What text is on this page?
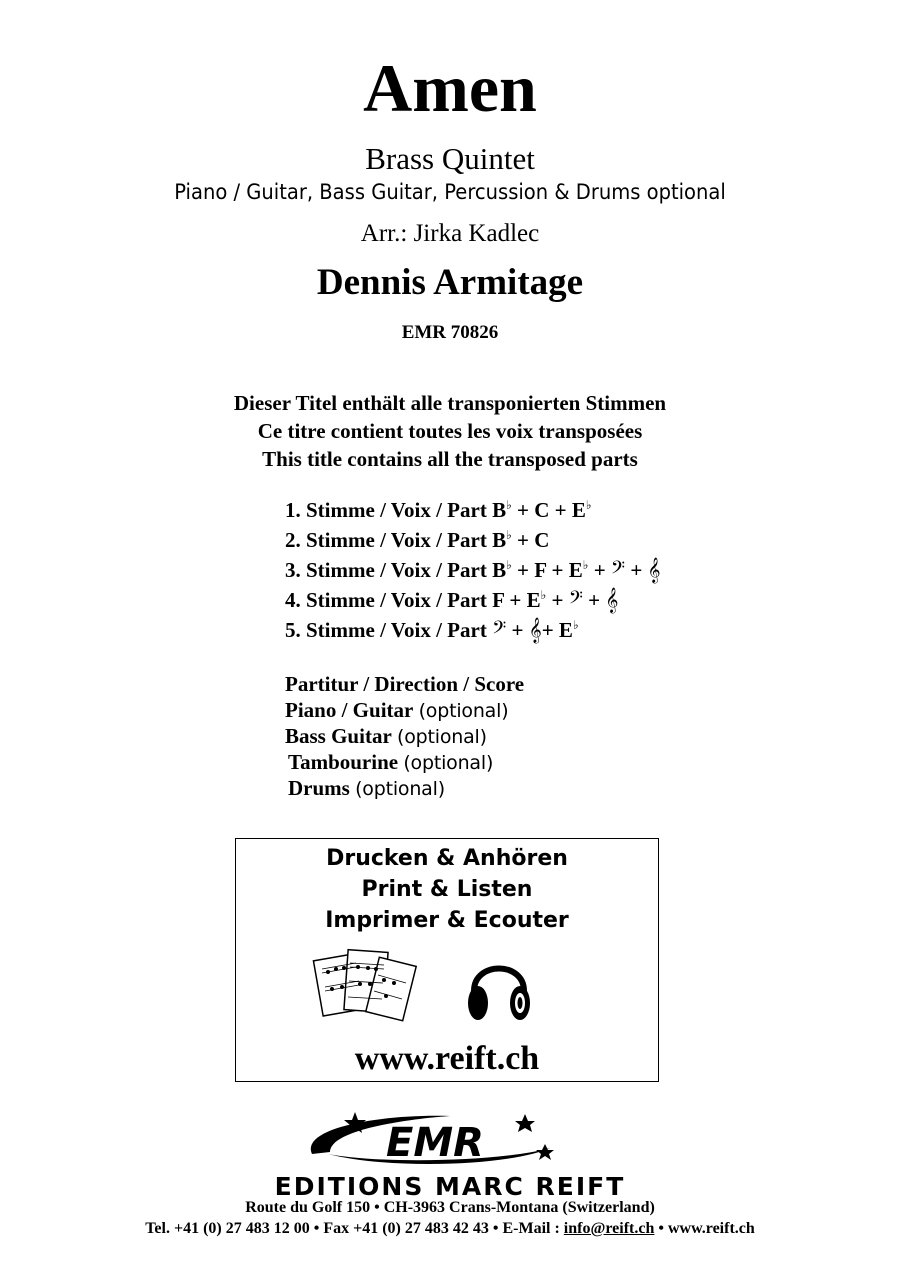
Amen
Brass Quintet
Piano / Guitar, Bass Guitar, Percussion & Drums optional
Arr.: Jirka Kadlec
Dennis Armitage
EMR 70826
Dieser Titel enthält alle transponierten Stimmen
Ce titre contient toutes les voix transposées
This title contains all the transposed parts
1. Stimme / Voix / Part B♭ + C + E♭
2. Stimme / Voix / Part B♭ + C
3. Stimme / Voix / Part B♭ + F + E♭ + 𝄢 + 𝄞
4. Stimme / Voix / Part F + E♭ + 𝄢 + 𝄞
5. Stimme / Voix / Part 𝄢 + 𝄞+ E♭
Partitur / Direction / Score
Piano / Guitar (optional)
Bass Guitar (optional)
Tambourine (optional)
Drums (optional)
Drucken & Anhören
Print & Listen
Imprimer & Ecouter
www.reift.ch
EMR
EDITIONS MARC REIFT
Route du Golf 150 • CH-3963 Crans-Montana (Switzerland)
Tel. +41 (0) 27 483 12 00 • Fax +41 (0) 27 483 42 43 • E-Mail : info@reift.ch • www.reift.ch
